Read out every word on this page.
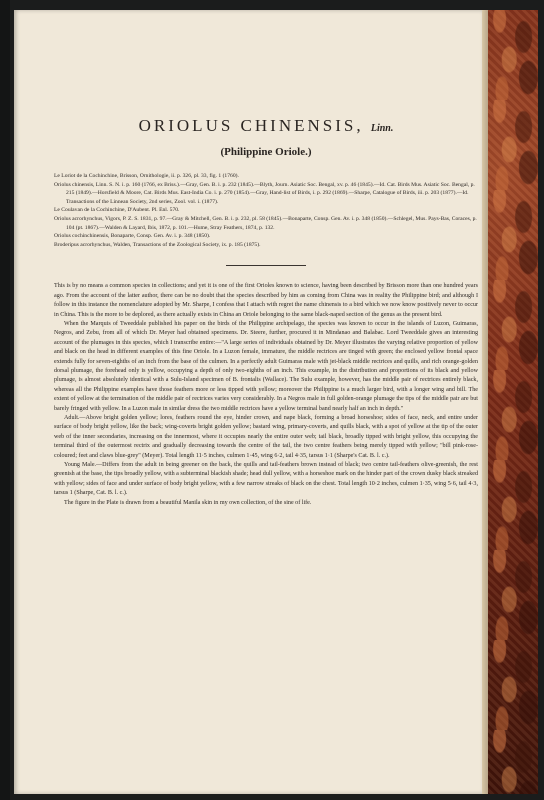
ORIOLUS CHINENSIS, Linn.
(Philippine Oriole.)

Le Loriot de la Cochinchine, Brisson, Ornithologie, ii. p. 326, pl. 33, fig. 1 (1760).

Oriolus chinensis, Linn. S. N. i. p. 160 (1766, ex Briss.).—Gray, Gen. B. i. p. 232 (1845).—Blyth, Journ. Asiatic Soc. Bengal, xv. p. 46 (1845).—Id. Cat. Birds Mus. Asiatic Soc. Bengal, p. 215 (1849).—Horsfield & Moore, Cat. Birds Mus. East-India Co. i. p. 270 (1854).—Gray, Hand-list of Birds, i. p. 292 (1869).—Sharpe, Catalogue of Birds, iii. p. 203 (1877).—Id. Transactions of the Linnean Society, 2nd series, Zool. vol. i. (1877).

Le Coulavan de la Cochinchine, D'Aubent. Pl. Enl. 570.

Oriolus acrorhynchus, Vigors, P. Z. S. 1831, p. 97.—Gray & Mitchell, Gen. B. i. p. 232, pl. 58 (1845).—Bonaparte, Consp. Gen. Av. i. p. 348 (1850).—Schlegel, Mus. Pays-Bas, Coraces, p. 104 (pt. 1867).—Walden & Layard, Ibis, 1872, p. 101.—Hume, Stray Feathers, 1874, p. 132.

Oriolus cochinchinensis, Bonaparte, Consp. Gen. Av. i. p. 348 (1850).

Broderipus acrorhynchus, Walden, Transactions of the Zoological Society, ix. p. 185 (1875).

This is by no means a common species in collections; and yet it is one of the first Orioles known to science, having been described by Brisson more than one hundred years ago. From the account of the latter author, there can be no doubt that the species described by him as coming from China was in reality the Philippine bird; and although I follow in this instance the nomenclature adopted by Mr. Sharpe, I confess that I attach with regret the name chinensis to a bird which we now know positively never to occur in China. This is the more to be deplored, as there actually exists in China an Oriole belonging to the same black-naped section of the genus as the present bird.

When the Marquis of Tweeddale published his paper on the birds of the Philippine archipelago, the species was known to occur in the islands of Luzon, Guimaras, Negros, and Zebu, from all of which Dr. Meyer had obtained specimens. Dr. Steere, further, procured it in Mindanao and Balabac. Lord Tweeddale gives an interesting account of the plumages in this species, which I transcribe entire:—"A large series of individuals obtained by Dr. Meyer illustrates the varying relative proportion of yellow and black on the head in different examples of this fine Oriole. In a Luzon female, immature, the middle rectrices are tinged with green; the enclosed yellow frontal space extends fully for seven-eighths of an inch from the base of the culmen. In a perfectly adult Guimaras male with jet-black middle rectrices and quills, and rich orange-golden dorsal plumage, the forehead only is yellow, occupying a depth of only two-eighths of an inch. This example, in the distribution and proportions of its black and yellow plumage, is almost absolutely identical with a Sulu-Island specimen of B. frontalis (Wallace). The Sulu example, however, has the middle pair of rectrices entirely black, whereas all the Philippine examples have those feathers more or less tipped with yellow; moreover the Philippine is a much larger bird, with a longer wing and bill. The extent of yellow at the termination of the middle pair of rectrices varies very considerably. In a Negros male in full golden-orange plumage the tips of the middle pair are but barely fringed with yellow. In a Luzon male in similar dress the two middle rectrices have a yellow terminal band nearly half an inch in depth."

Adult.—Above bright golden yellow; lores, feathers round the eye, hinder crown, and nape black, forming a broad horseshoe; sides of face, neck, and entire under surface of body bright yellow, like the back; wing-coverts bright golden yellow; bastard wing, primary-coverts, and quills black, with a spot of yellow at the tip of the outer web of the inner secondaries, increasing on the innermost, where it occupies nearly the entire outer web; tail black, broadly tipped with bright yellow, this occupying the terminal third of the outermost rectrix and gradually decreasing towards the centre of the tail, the two centre feathers being merely tipped with yellow; "bill pink-rose-coloured; feet and claws blue-grey" (Meyer). Total length 11·5 inches, culmen 1·45, wing 6·2, tail 4·35, tarsus 1·1 (Sharpe's Cat. B. l. c.).

Young Male.—Differs from the adult in being greener on the back, the quills and tail-feathers brown instead of black; two centre tail-feathers olive-greenish, the rest greenish at the base, the tips broadly yellow, with a subterminal blackish shade; head dull yellow, with a horseshoe mark on the hinder part of the crown dusky black streaked with yellow; sides of face and under surface of body bright yellow, with a few narrow streaks of black on the chest. Total length 10·2 inches, culmen 1·35, wing 5·6, tail 4·3, tarsus 1 (Sharpe, Cat. B. l. c.).

The figure in the Plate is drawn from a beautiful Manila skin in my own collection, of the sine of life.
